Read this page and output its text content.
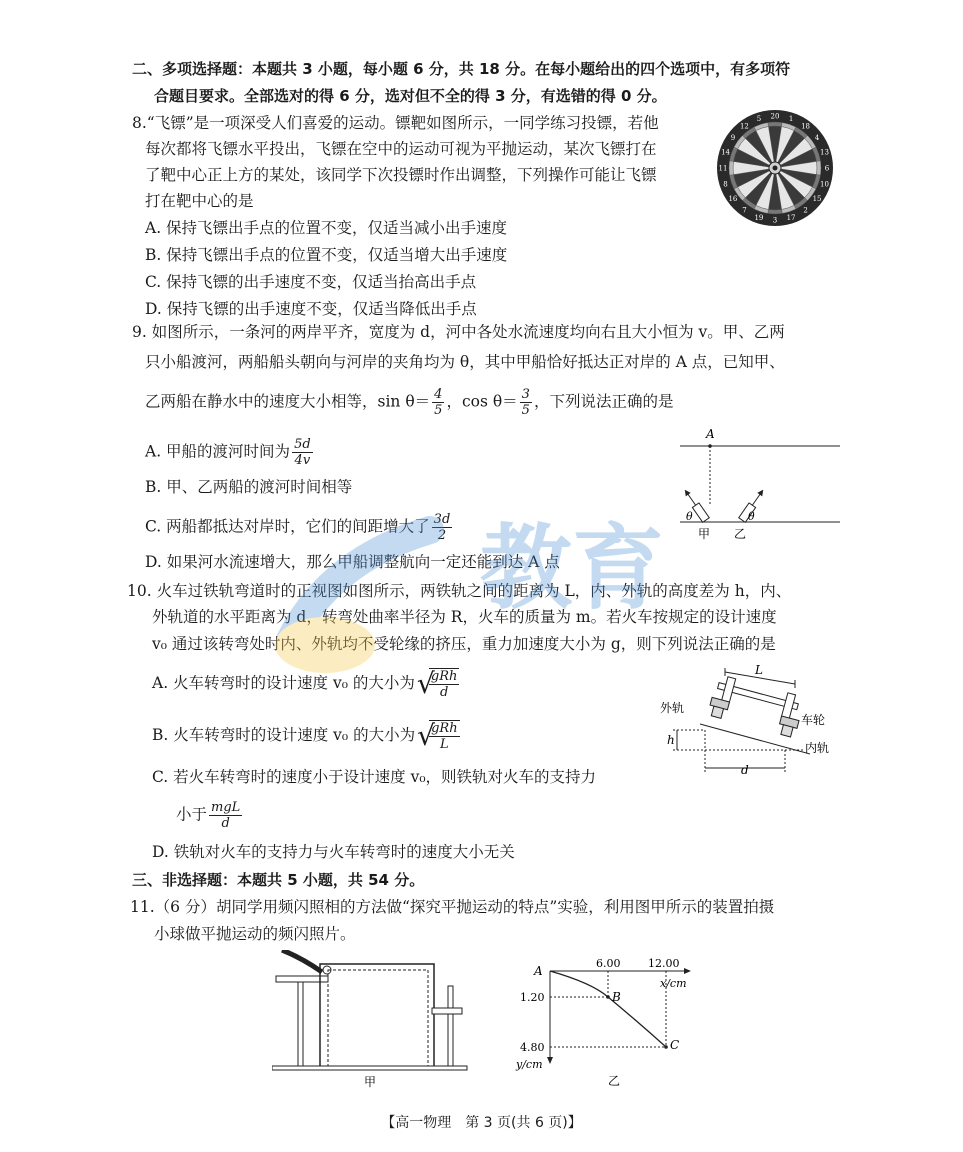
二、多项选择题：本题共 3 小题，每小题 6 分，共 18 分。在每小题给出的四个选项中，有多项符
合题目要求。全部选对的得 6 分，选对但不全的得 3 分，有选错的得 0 分。
8.“飞镖”是一项深受人们喜爱的运动。镖靶如图所示，一同学练习投镖，若他
每次都将飞镖水平投出，飞镖在空中的运动可视为平抛运动，某次飞镖打在
了靶中心正上方的某处，该同学下次投镖时作出调整，下列操作可能让飞镖
打在靶中心的是
A. 保持飞镖出手点的位置不变，仅适当减小出手速度
B. 保持飞镖出手点的位置不变，仅适当增大出手速度
C. 保持飞镖的出手速度不变，仅适当抬高出手点
D. 保持飞镖的出手速度不变，仅适当降低出手点
20 1
18
4
13
6
10
15
2
17
3
19
7
16
8
11
14
9
12
5
9. 如图所示，一条河的两岸平齐，宽度为 d，河中各处水流速度均向右且大小恒为 v。甲、乙两
只小船渡河，两船船头朝向与河岸的夹角均为 θ，其中甲船恰好抵达正对岸的 A 点，已知甲、
乙两船在静水中的速度大小相等，$\sin \theta= \frac{4}{5}$ ，$\cos \theta= \frac{3}{5}$ ，下列说法正确的是
A. 甲船的渡河时间为 $\frac{5d}{4v}$
B. 甲、乙两船的渡河时间相等
C. 两船都抵达对岸时，它们的间距增大了 $\frac{3d}{2}$
D. 如果河水流速增大，那么甲船调整航向一定还能到达 A 点
A
θ	θ
甲 乙
10. 火车过铁轨弯道时的正视图如图所示，两铁轨之间的距离为 L，内、外轨的高度差为 h，内、
外轨道的水平距离为 d，转弯处曲率半径为 R，火车的质量为 m。若火车按规定的设计速度
v₀ 通过该转弯处时内、外轨均不受轮缘的挤压，重力加速度大小为 g，则下列说法正确的是
A. 火车转弯时的设计速度 v₀ 的大小为 √
$\frac{\text{gRh}}{d}$
B. 火车转弯时的设计速度 v₀ 的大小为 √
$\frac{\text{gRh}}{L}$
C. 若火车转弯时的速度小于设计速度 v₀，则铁轨对火车的支持力
小于 $\frac{\text{mgL}}{d}$
D. 铁轨对火车的支持力与火车转弯时的速度大小无关
L
外轨
车轮
内轨
h
d
三、非选择题：本题共 5 小题，共 54 分。
11.（6 分）胡同学用频闪照相的方法做“探究平抛运动的特点”实验，利用图甲所示的装置拍摄
小球做平抛运动的频闪照片。
甲
A
6.00	12.00
x/cm
1.20
4.80
y/cm
B
C
乙
教育
【高一物理　第 3 页(共 6 页)】
